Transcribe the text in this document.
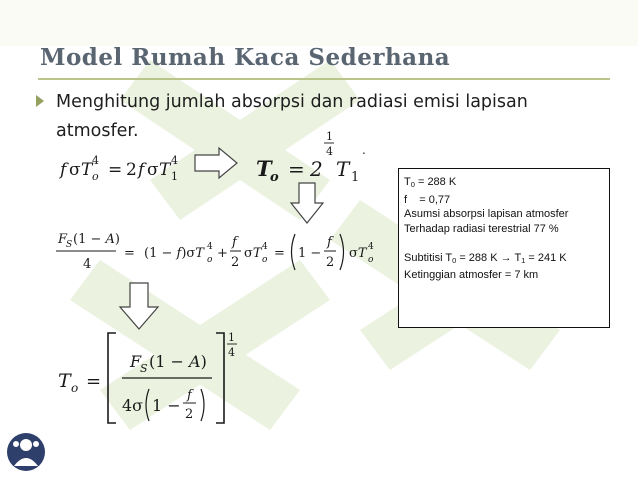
Model Rumah Kaca Sederhana
Menghitung jumlah absorpsi dan radiasi emisi lapisan atmosfer.
f σ T 4
o = 2 f σ T 4
1	T
o = 2
1
4
T 1
.
F
S (1 − A)
4
= (1 − f)σT 4
o +
f
2
σT 4
o = 1 −
f
2
σT 4
o
T o =
F
S (1 − A)
4σ 1 −
f
2
1
4
$T_0 = 288$ K
f    = 0,77
Asumsi absorpsi lapisan atmosfer
Terhadap radiasi terestrial 77 %
Subtitisi $T_0 = 288$ $K \to T_1 = 241$ K
Ketinggian atmosfer = 7 km
